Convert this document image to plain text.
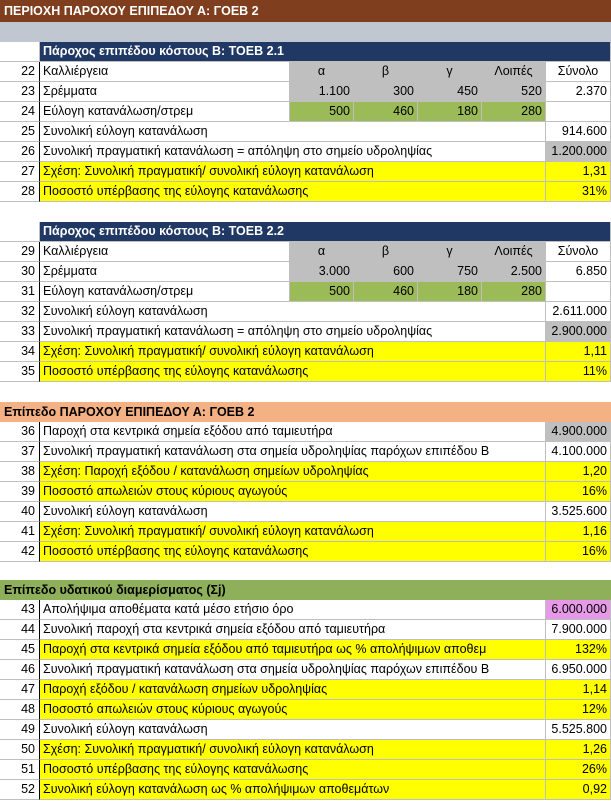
ΠΕΡΙΟΧΗ ΠΑΡΟΧΟΥ ΕΠΙΠΕΔΟΥ Α: ΓΟΕΒ 2
Πάροχος επιπέδου κόστους Β: ΤΟΕΒ 2.1
22 Καλλιέργεια	α	β	γ	Λοιπές	Σύνολο
23 Σρέμματα	1.100	300	450	520	2.370
24 Εύλογη κατανάλωση/στρεμ	500	460	180	280
25 Συνολική εύλογη κατανάλωση	914.600
26 Συνολική πραγματική κατανάλωση = απόληψη στο σημείο υδροληψίας	1.200.000
27 Σχέση: Συνολική πραγματική/ συνολική εύλογη κατανάλωση	1,31
28 Ποσοστό υπέρβασης της εύλογης κατανάλωσης	31%
Πάροχος επιπέδου κόστους Β: ΤΟΕΒ 2.2
29 Καλλιέργεια	α	β	γ	Λοιπές	Σύνολο
30 Σρέμματα	3.000	600	750	2.500	6.850
31 Εύλογη κατανάλωση/στρεμ	500	460	180	280
32 Συνολική εύλογη κατανάλωση	2.611.000
33 Συνολική πραγματική κατανάλωση = απόληψη στο σημείο υδροληψίας	2.900.000
34 Σχέση: Συνολική πραγματική/ συνολική εύλογη κατανάλωση	1,11
35 Ποσοστό υπέρβασης της εύλογης κατανάλωσης	11%
Επίπεδο ΠΑΡΟΧΟΥ ΕΠΙΠΕΔΟΥ Α: ΓΟΕΒ 2
36 Παροχή στα κεντρικά σημεία εξόδου από ταμιευτήρα	4.900.000
37 Συνολική πραγματική κατανάλωση στα σημεία υδροληψίας παρόχων επιπέδου Β	4.100.000
38 Σχέση: Παροχή εξόδου / κατανάλωση σημείων υδροληψίας	1,20
39 Ποσοστό απωλειών στους κύριους αγωγούς	16%
40 Συνολική εύλογη κατανάλωση	3.525.600
41 Σχέση: Συνολική πραγματική/ συνολική εύλογη κατανάλωση	1,16
42 Ποσοστό υπέρβασης της εύλογης κατανάλωσης	16%
Επίπεδο υδατικού διαμερίσματος (Σj)
43 Απολήψιμα αποθέματα κατά μέσο ετήσιο όρο	6.000.000
44 Συνολική παροχή στα κεντρικά σημεία εξόδου από ταμιευτήρα	7.900.000
45 Παροχή στα κεντρικά σημεία εξόδου από ταμιευτήρα ως % απολήψιμων αποθεμ	132%
46 Συνολική πραγματική κατανάλωση στα σημεία υδροληψίας παρόχων επιπέδου Β	6.950.000
47 Παροχή εξόδου / κατανάλωση σημείων υδροληψίας	1,14
48 Ποσοστό απωλειών στους κύριους αγωγούς	12%
49 Συνολική εύλογη κατανάλωση	5.525.800
50 Σχέση: Συνολική πραγματική/ συνολική εύλογη κατανάλωση	1,26
51 Ποσοστό υπέρβασης της εύλογης κατανάλωσης	26%
52 Συνολική εύλογη κατανάλωση ως % απολήψιμων αποθεμάτων	0,92
